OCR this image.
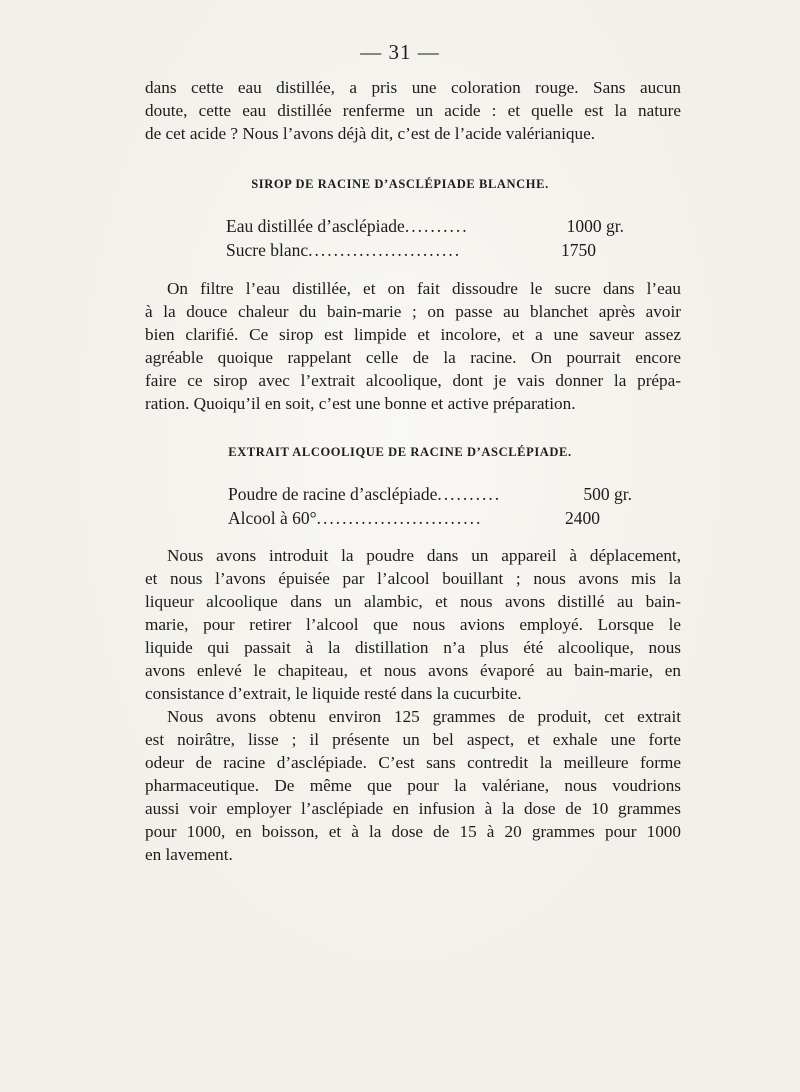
— 31 —
dans cette eau distillée, a pris une coloration rouge. Sans aucun
doute, cette eau distillée renferme un acide : et quelle est la nature
de cet acide ? Nous l’avons déjà dit, c’est de l’acide valérianique.
SIROP DE RACINE D’ASCLÉPIADE BLANCHE.
Eau distillée d’asclépiade ..........	1000 gr.
Sucre blanc ........................	1750
On filtre l’eau distillée, et on fait dissoudre le sucre dans l’eau
à la douce chaleur du bain-marie ; on passe au blanchet après avoir
bien clarifié. Ce sirop est limpide et incolore, et a une saveur assez
agréable quoique rappelant celle de la racine. On pourrait encore
faire ce sirop avec l’extrait alcoolique, dont je vais donner la prépa-
ration. Quoiqu’il en soit, c’est une bonne et active préparation.
EXTRAIT ALCOOLIQUE DE RACINE D’ASCLÉPIADE.
Poudre de racine d’asclépiade ..........	500 gr.
Alcool à 60° ..........................	2400
Nous avons introduit la poudre dans un appareil à déplacement,
et nous l’avons épuisée par l’alcool bouillant ; nous avons mis la
liqueur alcoolique dans un alambic, et nous avons distillé au bain-
marie, pour retirer l’alcool que nous avions employé. Lorsque le
liquide qui passait à la distillation n’a plus été alcoolique, nous
avons enlevé le chapiteau, et nous avons évaporé au bain-marie, en
consistance d’extrait, le liquide resté dans la cucurbite.
Nous avons obtenu environ 125 grammes de produit, cet extrait
est noirâtre, lisse ; il présente un bel aspect, et exhale une forte
odeur de racine d’asclépiade. C’est sans contredit la meilleure forme
pharmaceutique. De même que pour la valériane, nous voudrions
aussi voir employer l’asclépiade en infusion à la dose de 10 grammes
pour 1000, en boisson, et à la dose de 15 à 20 grammes pour 1000
en lavement.
